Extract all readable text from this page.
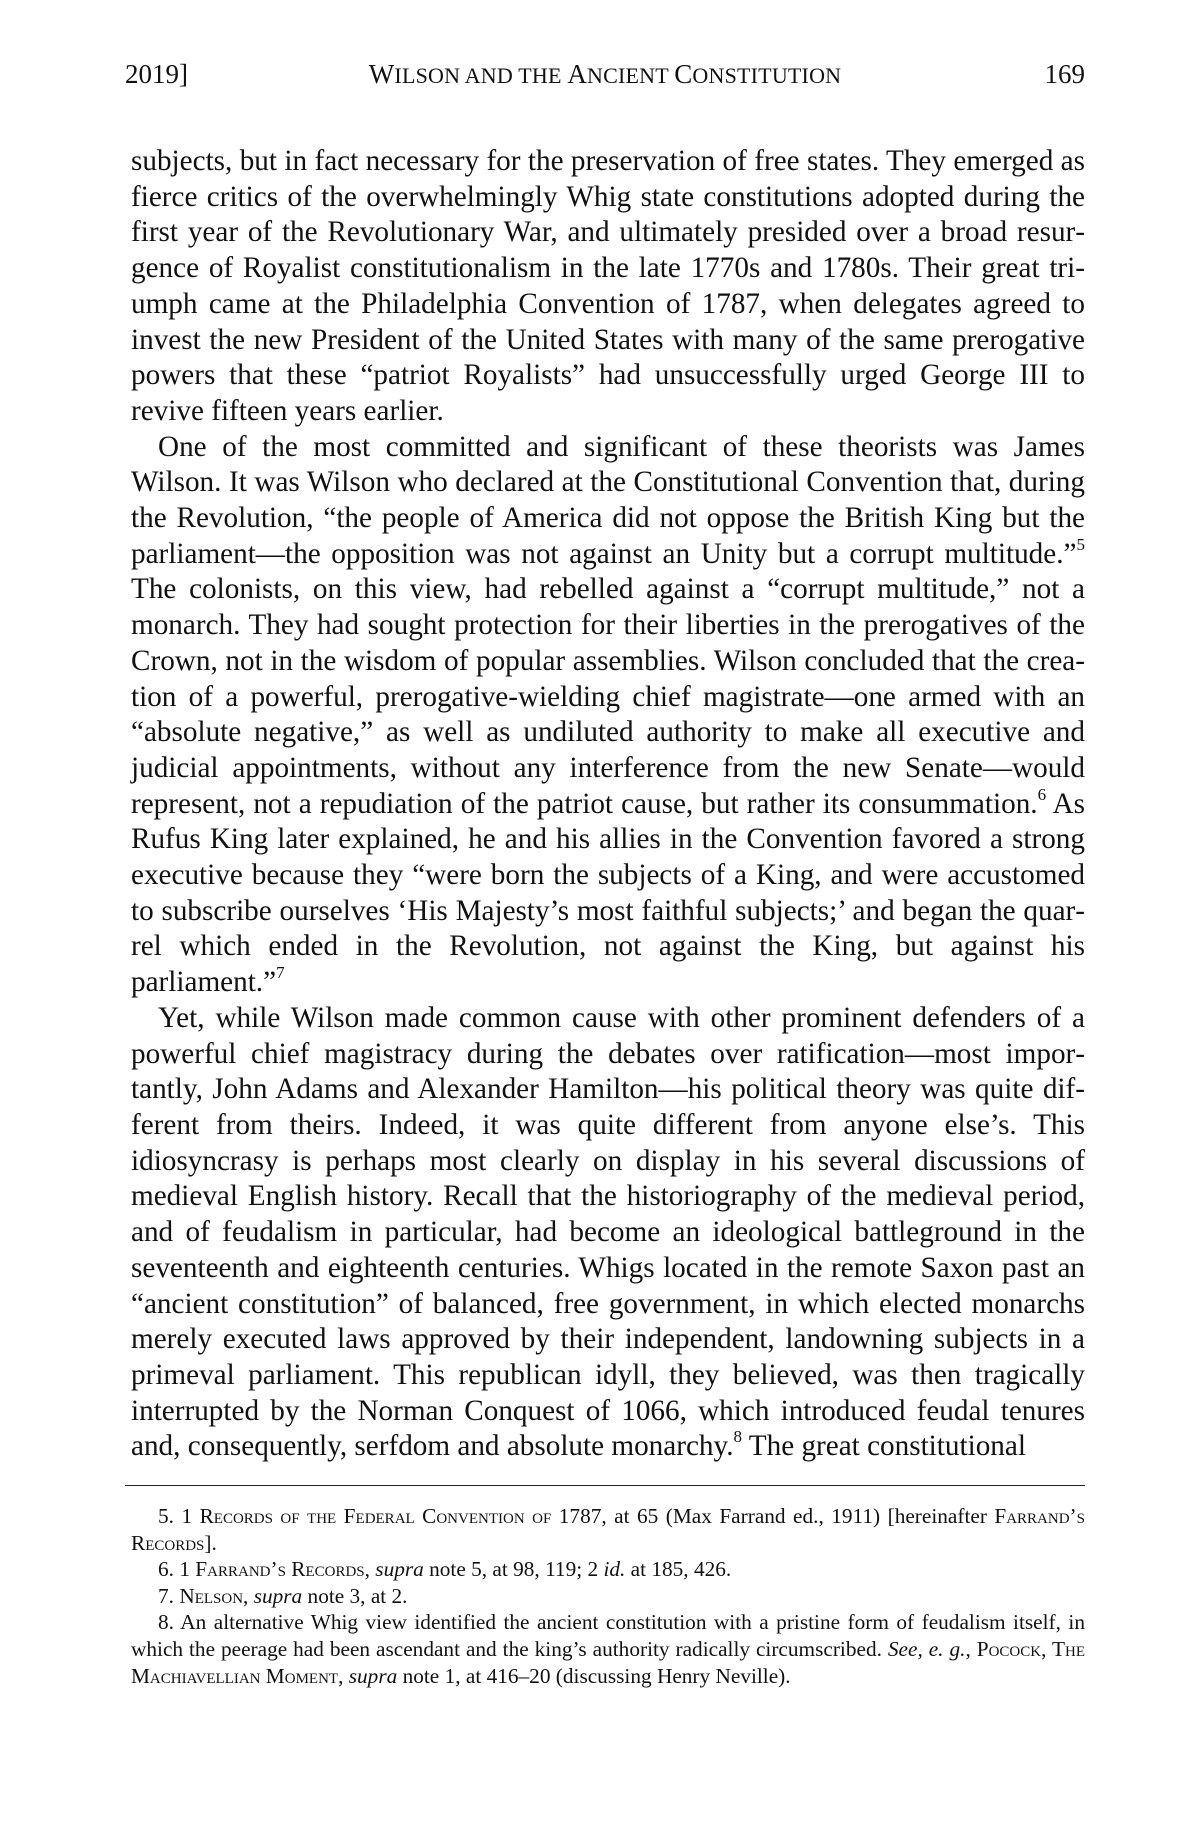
2019]	WILSON AND THE ANCIENT CONSTITUTION	169

subjects, but in fact necessary for the preservation of free states. They emerged as fierce critics of the overwhelmingly Whig state constitutions adopted during the first year of the Revolutionary War, and ultimately presided over a broad resurgence of Royalist constitutionalism in the late 1770s and 1780s. Their great triumph came at the Philadelphia Convention of 1787, when delegates agreed to invest the new President of the United States with many of the same prerogative powers that these “patriot Royalists” had unsuccessfully urged George III to revive fifteen years earlier.

One of the most committed and significant of these theorists was James Wilson. It was Wilson who declared at the Constitutional Convention that, during the Revolution, “the people of America did not oppose the British King but the parliament—the opposition was not against an Unity but a corrupt multitude.”$^5$ The colonists, on this view, had rebelled against a “corrupt multitude,” not a monarch. They had sought protection for their liberties in the prerogatives of the Crown, not in the wisdom of popular assemblies. Wilson concluded that the creation of a powerful, prerogative-wielding chief magistrate—one armed with an “absolute negative,” as well as undiluted authority to make all executive and judicial appointments, without any interference from the new Senate—would represent, not a repudiation of the patriot cause, but rather its consummation.$^6$ As Rufus King later explained, he and his allies in the Convention favored a strong executive because they “were born the subjects of a King, and were accustomed to subscribe ourselves ‘His Majesty’s most faithful subjects;’ and began the quarrel which ended in the Revolution, not against the King, but against his parliament.”$^7$

Yet, while Wilson made common cause with other prominent defenders of a powerful chief magistracy during the debates over ratification—most importantly, John Adams and Alexander Hamilton—his political theory was quite different from theirs. Indeed, it was quite different from anyone else’s. This idiosyncrasy is perhaps most clearly on display in his several discussions of medieval English history. Recall that the historiography of the medieval period, and of feudalism in particular, had become an ideological battleground in the seventeenth and eighteenth centuries. Whigs located in the remote Saxon past an “ancient constitution” of balanced, free government, in which elected monarchs merely executed laws approved by their independent, landowning subjects in a primeval parliament. This republican idyll, they believed, was then tragically interrupted by the Norman Conquest of 1066, which introduced feudal tenures and, consequently, serfdom and absolute monarchy.$^8$ The great constitutional

5. 1 Records of the Federal Convention of 1787, at 65 (Max Farrand ed., 1911) [hereinafter Farrand’s Records].

6. 1 Farrand’s Records, supra note 5, at 98, 119; 2 id. at 185, 426.

7. Nelson, supra note 3, at 2.

8. An alternative Whig view identified the ancient constitution with a pristine form of feudalism itself, in which the peerage had been ascendant and the king’s authority radically circumscribed. See, e. g., Pocock, The Machiavellian Moment, supra note 1, at 416–20 (discussing Henry Neville).
